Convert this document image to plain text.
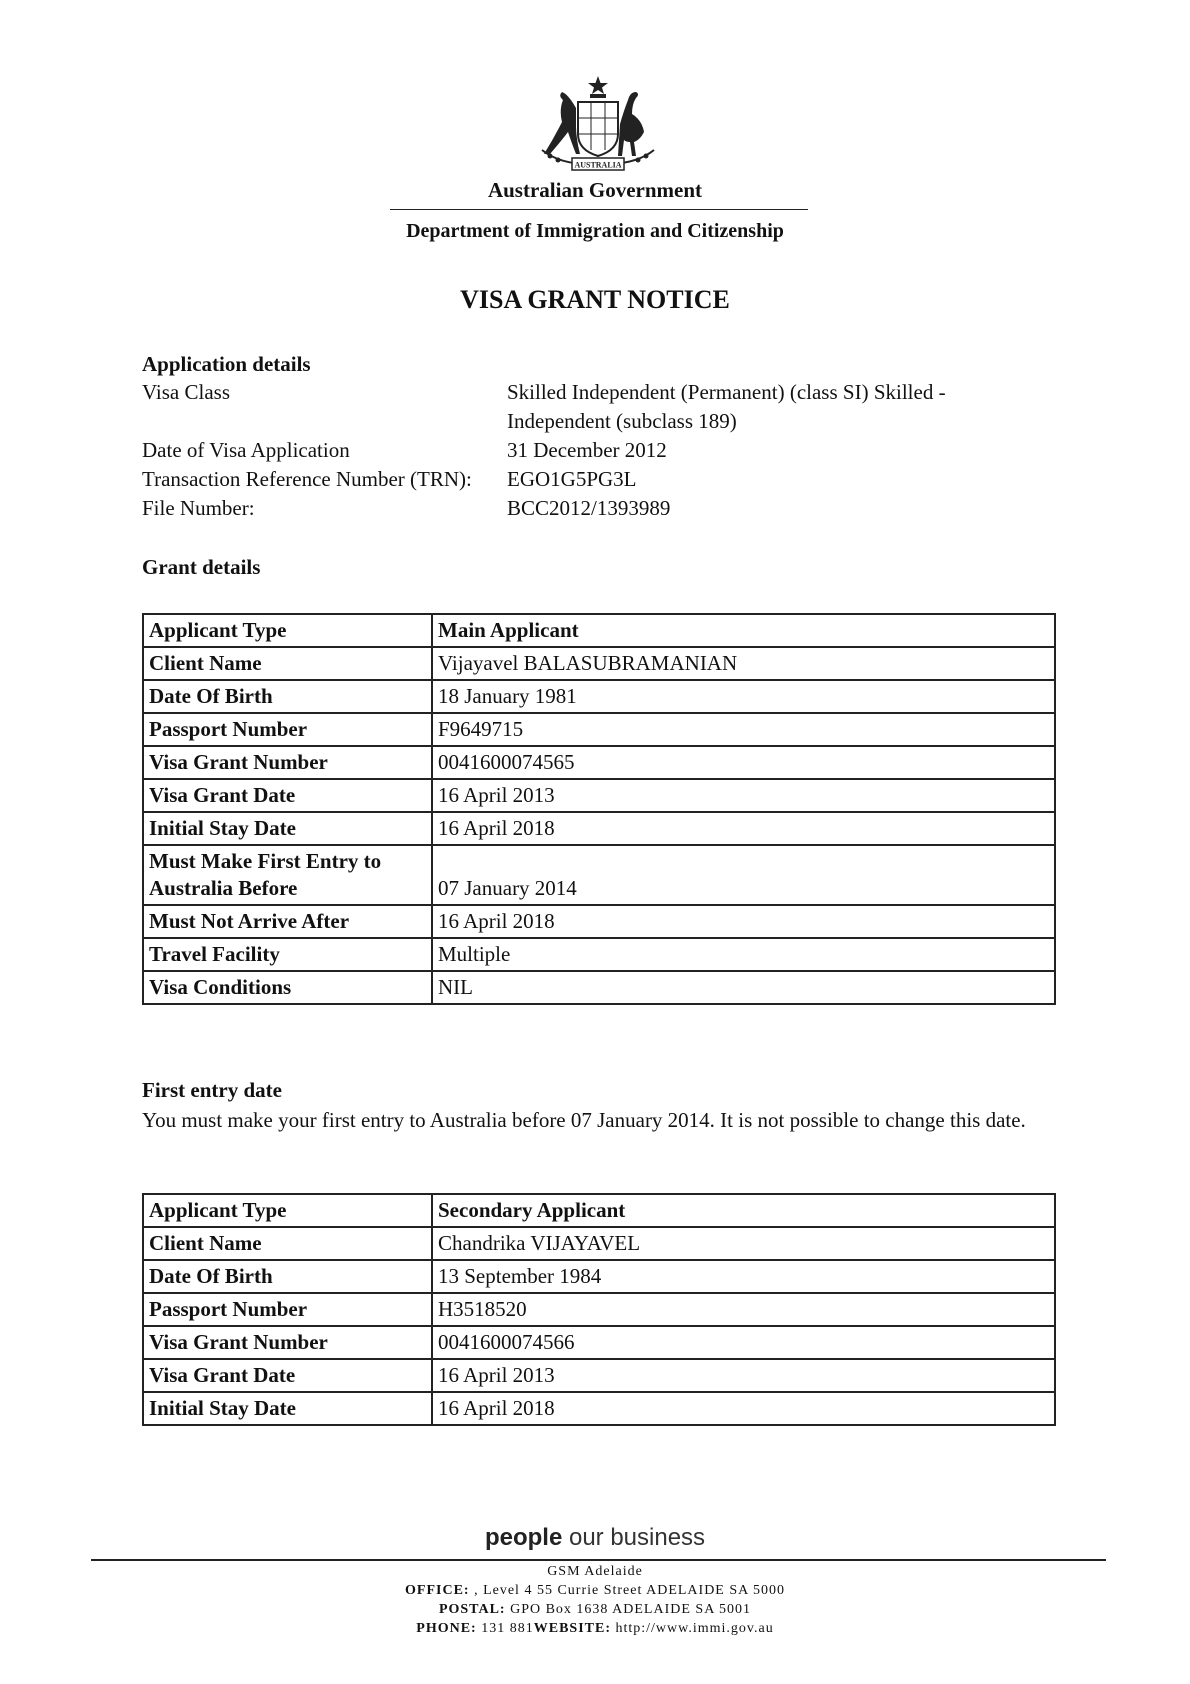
AUSTRALIA
Australian Government
Department of Immigration and Citizenship
VISA GRANT NOTICE
Application details
Visa Class	Skilled Independent (Permanent) (class SI) Skilled - Independent (subclass 189)
Date of Visa Application	31 December 2012
Transaction Reference Number (TRN): EGO1G5PG3L
File Number:	BCC2012/1393989
Grant details
Applicant Type	Main Applicant
Client Name	Vijayavel BALASUBRAMANIAN
Date Of Birth	18 January 1981
Passport Number	F9649715
Visa Grant Number	0041600074565
Visa Grant Date	16 April 2013
Initial Stay Date	16 April 2018
Must Make First Entry to Australia Before	07 January 2014
Must Not Arrive After	16 April 2018
Travel Facility	Multiple
Visa Conditions	NIL
First entry date
You must make your first entry to Australia before 07 January 2014. It is not possible to change this date.
Applicant Type	Secondary Applicant
Client Name	Chandrika VIJAYAVEL
Date Of Birth	13 September 1984
Passport Number	H3518520
Visa Grant Number	0041600074566
Visa Grant Date	16 April 2013
Initial Stay Date	16 April 2018
people our business
GSM Adelaide
OFFICE: , Level 4 55 Currie Street ADELAIDE SA 5000
POSTAL: GPO Box 1638 ADELAIDE SA 5001
PHONE: 131 881WEBSITE: http://www.immi.gov.au
